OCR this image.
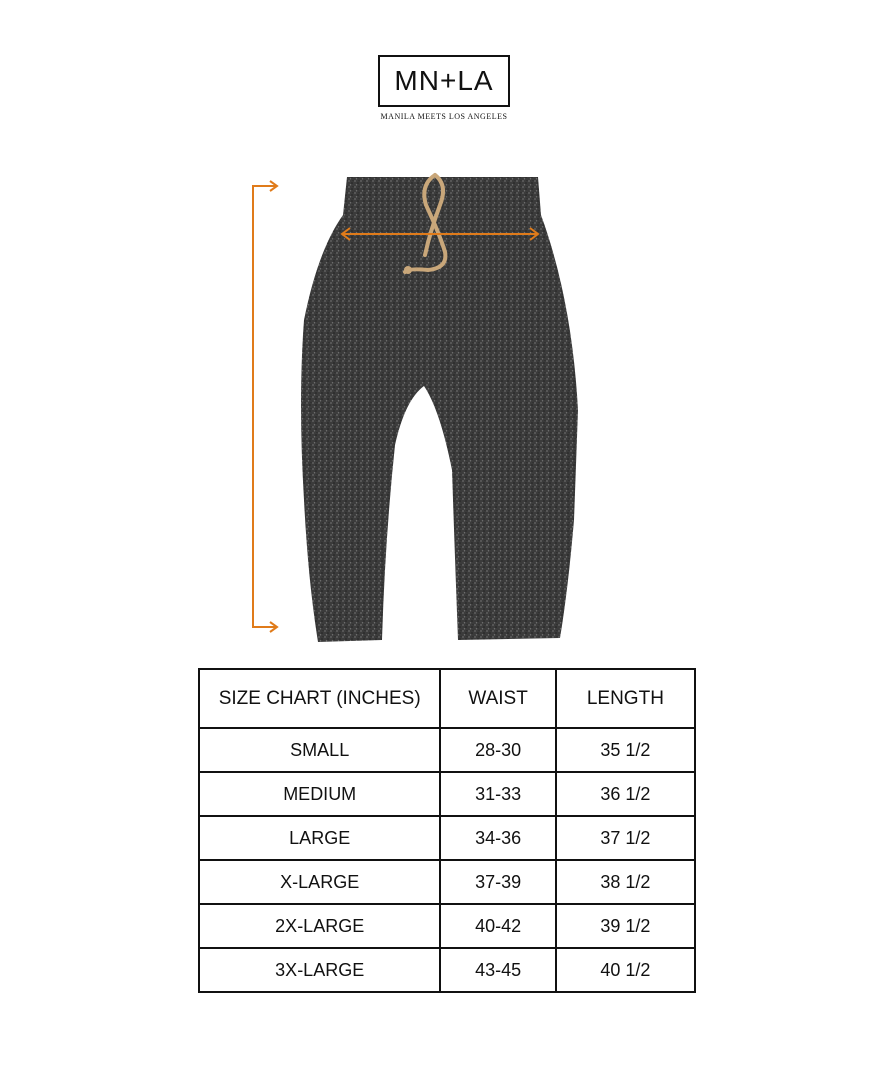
MN+LA
MANILA MEETS LOS ANGELES
SIZE CHART (INCHES)	WAIST	LENGTH
SMALL	28-30	35 1/2
MEDIUM	31-33	36 1/2
LARGE	34-36	37 1/2
X-LARGE	37-39	38 1/2
2X-LARGE	40-42	39 1/2
3X-LARGE	43-45	40 1/2
